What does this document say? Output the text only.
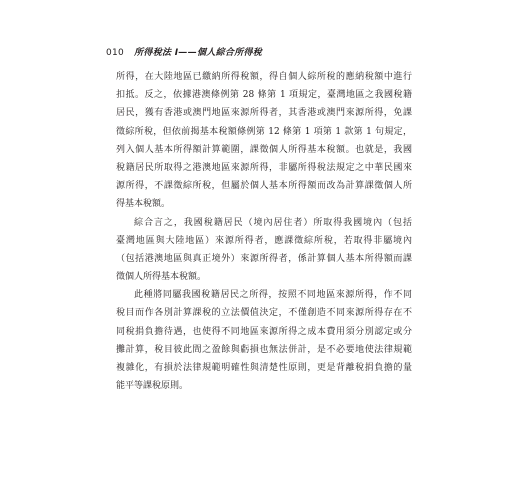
010 所得稅法 I——個人綜合所得稅
所得，在大陸地區已繳納所得稅額，得自個人綜所稅的應納稅額中進行
扣抵。反之，依據港澳條例第 28 條第 1 項規定，臺灣地區之我國稅籍
居民，獲有香港或澳門地區來源所得者，其香港或澳門來源所得，免課
徵綜所稅，但依前揭基本稅額條例第 12 條第 1 項第 1 款第 1 句規定，
列入個人基本所得額計算範圍，課徵個人所得基本稅額。也就是，我國
稅籍居民所取得之港澳地區來源所得，非屬所得稅法規定之中華民國來
源所得，不課徵綜所稅，但屬於個人基本所得額而改為計算課徵個人所
得基本稅額。
綜合言之，我國稅籍居民（境內居住者）所取得我國境內（包括
臺灣地區與大陸地區）來源所得者，應課徵綜所稅，若取得非屬境內
（包括港澳地區與真正境外）來源所得者，係計算個人基本所得額而課
徵個人所得基本稅額。
此種將同屬我國稅籍居民之所得，按照不同地區來源所得，作不同
稅目而作各別計算課稅的立法價值決定，不僅創造不同來源所得存在不
同稅捐負擔待遇，也使得不同地區來源所得之成本費用須分別認定或分
攤計算，稅目彼此間之盈餘與虧損也無法併計，是不必要地使法律規範
複雜化，有損於法律規範明確性與清楚性原則，更是背離稅捐負擔的量
能平等課稅原則。
